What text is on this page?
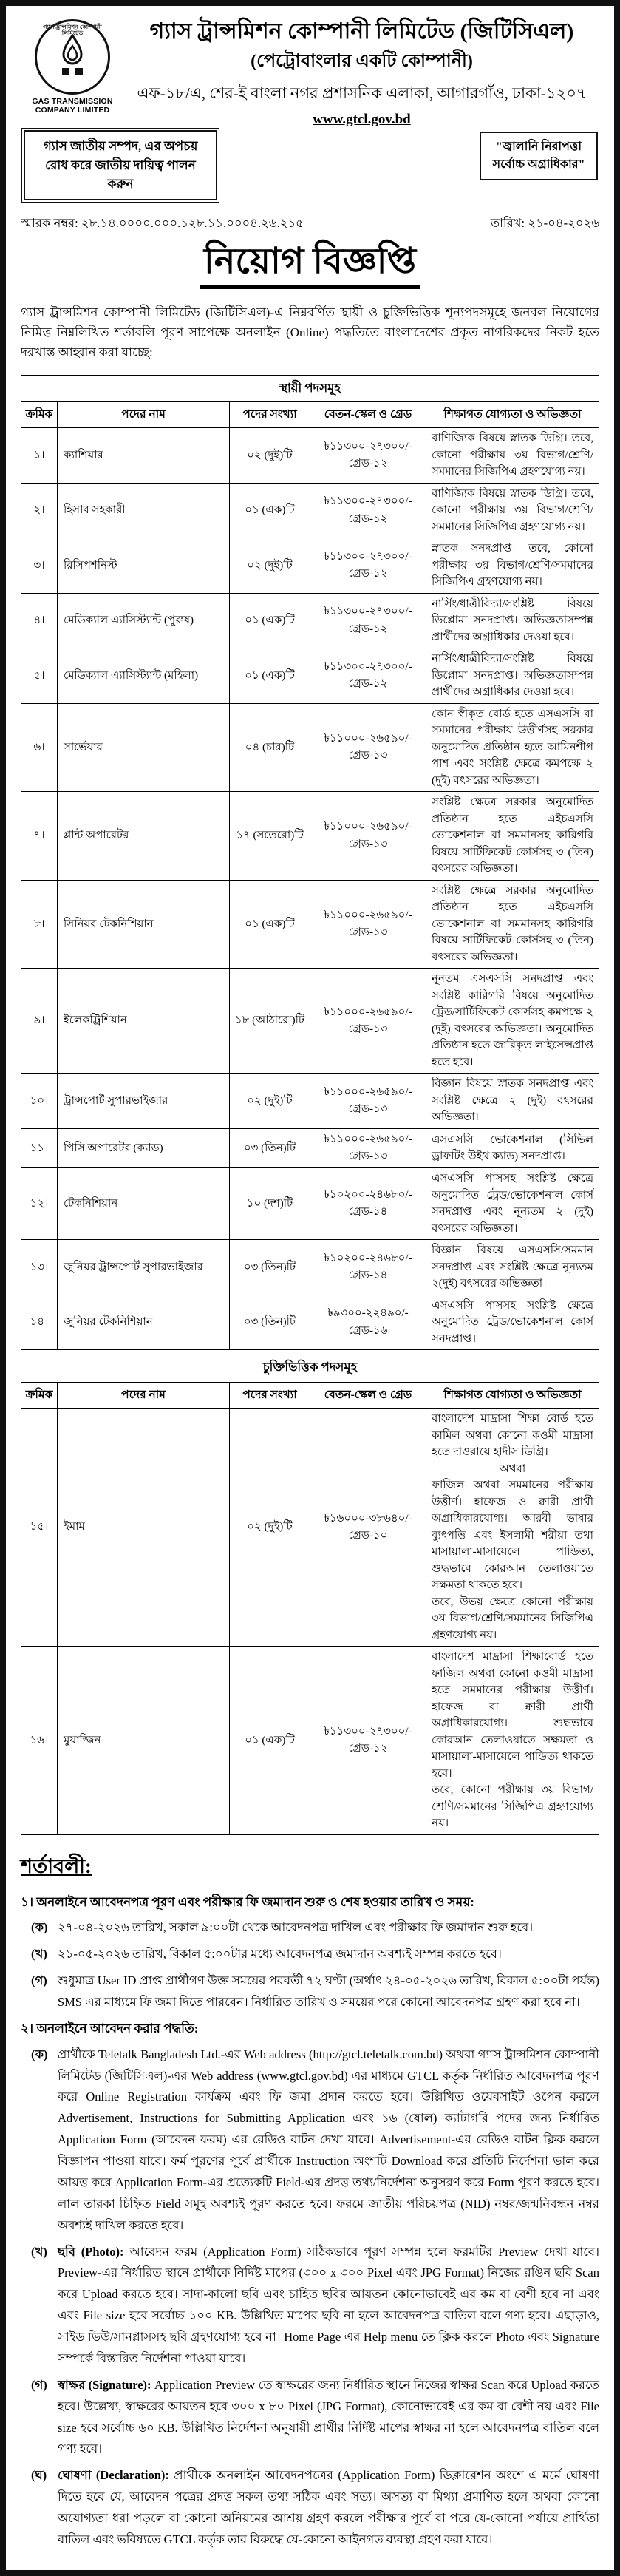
গ্যাস ট্রান্সমিশন কোম্পানী লিমিটেড
GAS TRANSMISSION COMPANY LIMITED
গ্যাস ট্রান্সমিশন কোম্পানী লিমিটেড (জিটিসিএল)
(পেট্রোবাংলার একটি কোম্পানী)
এফ-১৮/এ, শের-ই বাংলা নগর প্রশাসনিক এলাকা, আগারগাঁও, ঢাকা-১২০৭
www.gtcl.gov.bd
গ্যাস জাতীয় সম্পদ, এর অপচয় রোধ করে জাতীয় দায়িত্ব পালন করুন
"জ্বালানি নিরাপত্তা সর্বোচ্চ অগ্রাধিকার"
স্মারক নম্বর: ২৮.১৪.০০০০.০০০.১২৮.১১.০০০৪.২৬.২১৫	তারিখ: ২১-০৪-২০২৬
নিয়োগ বিজ্ঞপ্তি

গ্যাস ট্রান্সমিশন কোম্পানী লিমিটেড (জিটিসিএল)-এ নিম্নবর্ণিত স্থায়ী ও চুক্তিভিত্তিক শূন্যপদসমূহে জনবল নিয়োগের নিমিত্ত নিম্নলিখিত শর্তাবলি পূরণ সাপেক্ষে অনলাইন (Online) পদ্ধতিতে বাংলাদেশের প্রকৃত নাগরিকদের নিকট হতে দরখাস্ত আহ্বান করা যাচ্ছে:

স্থায়ী পদসমূহ
ক্রমিক	পদের নাম	পদের সংখ্যা	বেতন-স্কেল ও গ্রেড	শিক্ষাগত যোগ্যতা ও অভিজ্ঞতা
১।	ক্যাশিয়ার	০২ (দুই)টি	৳১১৩০০-২৭৩০০/-
গ্রেড-১২	বাণিজ্যিক বিষয়ে স্নাতক ডিগ্রি। তবে, কোনো পরীক্ষায় ৩য় বিভাগ/শ্রেণি/সমমানের সিজিপিএ গ্রহণযোগ্য নয়।

২।	হিসাব সহকারী	০১ (এক)টি	৳১১৩০০-২৭৩০০/-
গ্রেড-১২	বাণিজ্যিক বিষয়ে স্নাতক ডিগ্রি। তবে, কোনো পরীক্ষায় ৩য় বিভাগ/শ্রেণি/সমমানের সিজিপিএ গ্রহণযোগ্য নয়।

৩।	রিসিপশনিস্ট	০২ (দুই)টি	৳১১৩০০-২৭৩০০/-
গ্রেড-১২	স্নাতক সনদপ্রাপ্ত। তবে, কোনো পরীক্ষায় ৩য় বিভাগ/শ্রেণি/সমমানের সিজিপিএ গ্রহণযোগ্য নয়।

৪।	মেডিক্যাল এ্যাসিস্ট্যান্ট (পুরুষ)	০১ (এক)টি	৳১১৩০০-২৭৩০০/-
গ্রেড-১২	নার্সিং/ধাত্রীবিদ্যা/সংশ্লিষ্ট বিষয়ে ডিপ্লোমা সনদপ্রাপ্ত। অভিজ্ঞতাসম্পন্ন প্রার্থীদের অগ্রাধিকার দেওয়া হবে।

৫।	মেডিক্যাল এ্যাসিস্ট্যান্ট (মহিলা)	০১ (এক)টি	৳১১৩০০-২৭৩০০/-
গ্রেড-১২	নার্সিং/ধাত্রীবিদ্যা/সংশ্লিষ্ট বিষয়ে ডিপ্লোমা সনদপ্রাপ্ত। অভিজ্ঞতাসম্পন্ন প্রার্থীদের অগ্রাধিকার দেওয়া হবে।

৬।	সার্ভেয়ার	০৪ (চার)টি	৳১১০০০-২৬৫৯০/-
গ্রেড-১৩	কোন স্বীকৃত বোর্ড হতে এসএসসি বা সমমানের পরীক্ষায় উত্তীর্ণসহ সরকার অনুমোদিত প্রতিষ্ঠান হতে আমিনশীপ পাশ এবং সংশ্লিষ্ট ক্ষেত্রে কমপক্ষে ২ (দুই) বৎসরের অভিজ্ঞতা।

৭।	প্লান্ট অপারেটর	১৭ (সতেরো)টি	৳১১০০০-২৬৫৯০/-
গ্রেড-১৩	সংশ্লিষ্ট ক্ষেত্রে সরকার অনুমোদিত প্রতিষ্ঠান হতে এইচএসসি ভোকেশনাল বা সমমানসহ কারিগরি বিষয়ে সার্টিফিকেট কোর্সসহ ৩ (তিন) বৎসরের অভিজ্ঞতা।

৮।	সিনিয়র টেকনিশিয়ান	০১ (এক)টি	৳১১০০০-২৬৫৯০/-
গ্রেড-১৩	সংশ্লিষ্ট ক্ষেত্রে সরকার অনুমোদিত প্রতিষ্ঠান হতে এইচএসসি ভোকেশনাল বা সমমানসহ কারিগরি বিষয়ে সার্টিফিকেট কোর্সসহ ৩ (তিন) বৎসরের অভিজ্ঞতা।

৯।	ইলেকট্রিশিয়ান	১৮ (আঠারো)টি	৳১১০০০-২৬৫৯০/-
গ্রেড-১৩	নূনতম এসএসসি সনদপ্রাপ্ত এবং সংশ্লিষ্ট কারিগরি বিষয়ে অনুমোদিত ট্রেড/সার্টিফিকেট কোর্সসহ কমপক্ষে ২ (দুই) বৎসরের অভিজ্ঞতা। অনুমোদিত প্রতিষ্ঠান হতে জারিকৃত লাইসেন্সপ্রাপ্ত হতে হবে।

১০।	ট্রান্সপোর্ট সুপারভাইজার	০২ (দুই)টি	৳১১০০০-২৬৫৯০/-
গ্রেড-১৩	বিজ্ঞান বিষয়ে স্নাতক সনদপ্রাপ্ত এবং সংশ্লিষ্ট ক্ষেত্রে ২ (দুই) বৎসরের অভিজ্ঞতা।

১১।	পিসি অপারেটর (ক্যাড)	০৩ (তিন)টি	৳১১০০০-২৬৫৯০/-
গ্রেড-১৩	এসএসসি ভোকেশনাল (সিভিল ড্রাফটিং উইথ ক্যাড) সনদপ্রাপ্ত।

১২।	টেকনিশিয়ান	১০ (দশ)টি	৳১০২০০-২৪৬৮০/-
গ্রেড-১৪	এসএসসি পাসসহ সংশ্লিষ্ট ক্ষেত্রে অনুমোদিত ট্রেড/ভোকেশনাল কোর্স সনদপ্রাপ্ত এবং নূন্যতম ২ (দুই) বৎসরের অভিজ্ঞতা।

১৩।	জুনিয়র ট্রান্সপোর্ট সুপারভাইজার	০৩ (তিন)টি	৳১০২০০-২৪৬৮০/-
গ্রেড-১৪	বিজ্ঞান বিষয়ে এসএসসি/সমমান সনদপ্রাপ্ত এবং সংশ্লিষ্ট ক্ষেত্রে নূন্যতম ২(দুই) বৎসরের অভিজ্ঞতা।

১৪।	জুনিয়র টেকনিশিয়ান	০৩ (তিন)টি	৳৯৩০০-২২৪৯০/-
গ্রেড-১৬	এসএসসি পাসসহ সংশ্লিষ্ট ক্ষেত্রে অনুমোদিত ট্রেড/ভোকেশনাল কোর্স সনদপ্রাপ্ত।

চুক্তিভিত্তিক পদসমূহ

ক্রমিক	পদের নাম	পদের সংখ্যা	বেতন-স্কেল ও গ্রেড	শিক্ষাগত যোগ্যতা ও অভিজ্ঞতা
১৫।	ইমাম	০২ (দুই)টি	
৳১৬০০০-৩৮৬৪০/-
গ্রেড-১০

বাংলাদেশ মাদ্রাসা শিক্ষা বোর্ড হতে কামিল অথবা কোনো কওমী মাদ্রাসা হতে দাওরায়ে হাদীস ডিগ্রি।
অথবা
ফাজিল অথবা সমমানের পরীক্ষায় উত্তীর্ণ। হাফেজ ও ক্বারী প্রার্থী অগ্রাধিকারযোগ্য। আরবী ভাষার ব্যুৎপত্তি এবং ইসলামী শরীয়া তথা মাসায়ালা-মাসায়েলে পান্ডিত্য, শুদ্ধভাবে কোরআন তেলাওয়াতে সক্ষমতা থাকতে হবে।
তবে, উভয় ক্ষেত্রে কোনো পরীক্ষায় ৩য় বিভাগ/শ্রেণি/সমমানের সিজিপিএ গ্রহণযোগ্য নয়।

১৬।	মুয়াজ্জিন	০১ (এক)টি	
৳১১৩০০-২৭৩০০/-
গ্রেড-১২

বাংলাদেশ মাদ্রাসা শিক্ষাবোর্ড হতে ফাজিল অথবা কোনো কওমী মাদ্রাসা হতে সমমানের পরীক্ষায় উত্তীর্ণ। হাফেজ বা ক্বারী প্রার্থী অগ্রাধিকারযোগ্য। শুদ্ধভাবে কোরআন তেলাওয়াতে সক্ষমতা ও মাসায়ালা-মাসায়েলে পান্ডিত্য থাকতে হবে।
তবে, কোনো পরীক্ষায় ৩য় বিভাগ/শ্রেণি/সমমানের সিজিপিএ গ্রহণযোগ্য নয়।
শর্তাবলী:
১। অনলাইনে আবেদনপত্র পূরণ এবং পরীক্ষার ফি জমাদান শুরু ও শেষ হওয়ার তারিখ ও সময়:
(ক) ২৭-০৪-২০২৬ তারিখ, সকাল ৯:০০টা থেকে আবেদনপত্র দাখিল এবং পরীক্ষার ফি জমাদান শুরু হবে।
(খ) ২১-০৫-২০২৬ তারিখ, বিকাল ৫:০০টার মধ্যে আবেদনপত্র জমাদান অবশ্যই সম্পন্ন করতে হবে।
(গ) শুধুমাত্র User ID প্রাপ্ত প্রার্থীগণ উক্ত সময়ের পরবর্তী ৭২ ঘণ্টা (অর্থাৎ ২৪-০৫-২০২৬ তারিখ, বিকাল ৫:০০টা পর্যন্ত) SMS এর মাধ্যমে ফি জমা দিতে পারবেন। নির্ধারিত তারিখ ও সময়ের পরে কোনো আবেদনপত্র গ্রহণ করা হবে না।
২। অনলাইনে আবেদন করার পদ্ধতি:
(ক) প্রার্থীকে Teletalk Bangladesh Ltd.-এর Web address (http://gtcl.teletalk.com.bd) অথবা গ্যাস ট্রান্সমিশন কোম্পানী লিমিটেড (জিটিসিএল)-এর Web address (www.gtcl.gov.bd) এর মাধ্যমে GTCL কর্তৃক নির্ধারিত আবেদনপত্র পূরণ করে Online Registration কার্যক্রম এবং ফি জমা প্রদান করতে হবে। উল্লিখিত ওয়েবসাইট ওপেন করলে Advertisement, Instructions for Submitting Application এবং ১৬ (ষোল) ক্যাটাগরি পদের জন্য নির্ধারিত Application Form (আবেদন ফরম) এর রেডিও বাটন দেখা যাবে। Advertisement-এর রেডিও বাটন ক্লিক করলে বিজ্ঞাপন পাওয়া যাবে। ফর্ম পূরণের পূর্বে প্রার্থীকে Instruction অংশটি Download করে প্রতিটি নির্দেশনা ভাল করে আয়ত্ত করে Application Form-এর প্রত্যেকটি Field-এর প্রদত্ত তথ্য/নির্দেশনা অনুসরণ করে Form পূরণ করতে হবে। লাল তারকা চিহ্নিত Field সমূহ অবশ্যই পূরণ করতে হবে। ফরমে জাতীয় পরিচয়পত্র (NID) নম্বর/জন্মনিবন্ধন নম্বর অবশ্যই দাখিল করতে হবে।
(খ) ছবি (Photo): আবেদন ফরম (Application Form) সঠিকভাবে পূরণ সম্পন্ন হলে ফরমটির Preview দেখা যাবে। Preview-এর নির্ধারিত স্থানে প্রার্থীকে নির্দিষ্ট মাপের (৩০০ x ৩০০ Pixel এবং JPG Format) নিজের রঙিন ছবি Scan করে Upload করতে হবে। সাদা-কালো ছবি এবং চাহিত ছবির আয়তন কোনোভাবেই এর কম বা বেশী হবে না এবং এবং File size হবে সর্বোচ্চ ১০০ KB. উল্লিখিত মাপের ছবি না হলে আবেদনপত্র বাতিল বলে গণ্য হবে। এছাড়াও, সাইড ভিউ/সানগ্লাসসহ ছবি গ্রহণযোগ্য হবে না। Home Page এর Help menu তে ক্লিক করলে Photo এবং Signature সম্পর্কে বিস্তারিত নির্দেশনা পাওয়া যাবে।
(গ) স্বাক্ষর (Signature): Application Preview তে স্বাক্ষরের জন্য নির্ধারিত স্থানে নিজের স্বাক্ষর Scan করে Upload করতে হবে। উল্লেখ্য, স্বাক্ষরের আয়তন হবে ৩০০ x ৮০ Pixel (JPG Format), কোনোভাবেই এর কম বা বেশী নয় এবং File size হবে সর্বোচ্চ ৬০ KB. উল্লিখিত নির্দেশনা অনুযায়ী প্রার্থীর নির্দিষ্ট মাপের স্বাক্ষর না হলে আবেদনপত্র বাতিল বলে গণ্য হবে।
(ঘ) ঘোষণা (Declaration): প্রার্থীকে অনলাইন আবেদনপত্রের (Application Form) ডিক্লারেশন অংশে এ মর্মে ঘোষণা দিতে হবে যে, আবেদন পত্রের প্রদত্ত সকল তথ্য সঠিক এবং সত্য। অসত্য বা মিথ্যা প্রমাণিত হলে অথবা কোনো অযোগ্যতা ধরা পড়লে বা কোনো অনিয়মের আশ্রয় গ্রহণ করলে পরীক্ষার পূর্বে বা পরে যে-কোনো পর্যায়ে প্রার্থিতা বাতিল এবং ভবিষ্যতে GTCL কর্তৃক তার বিরুদ্ধে যে-কোনো আইনগত ব্যবস্থা গ্রহণ করা যাবে।
